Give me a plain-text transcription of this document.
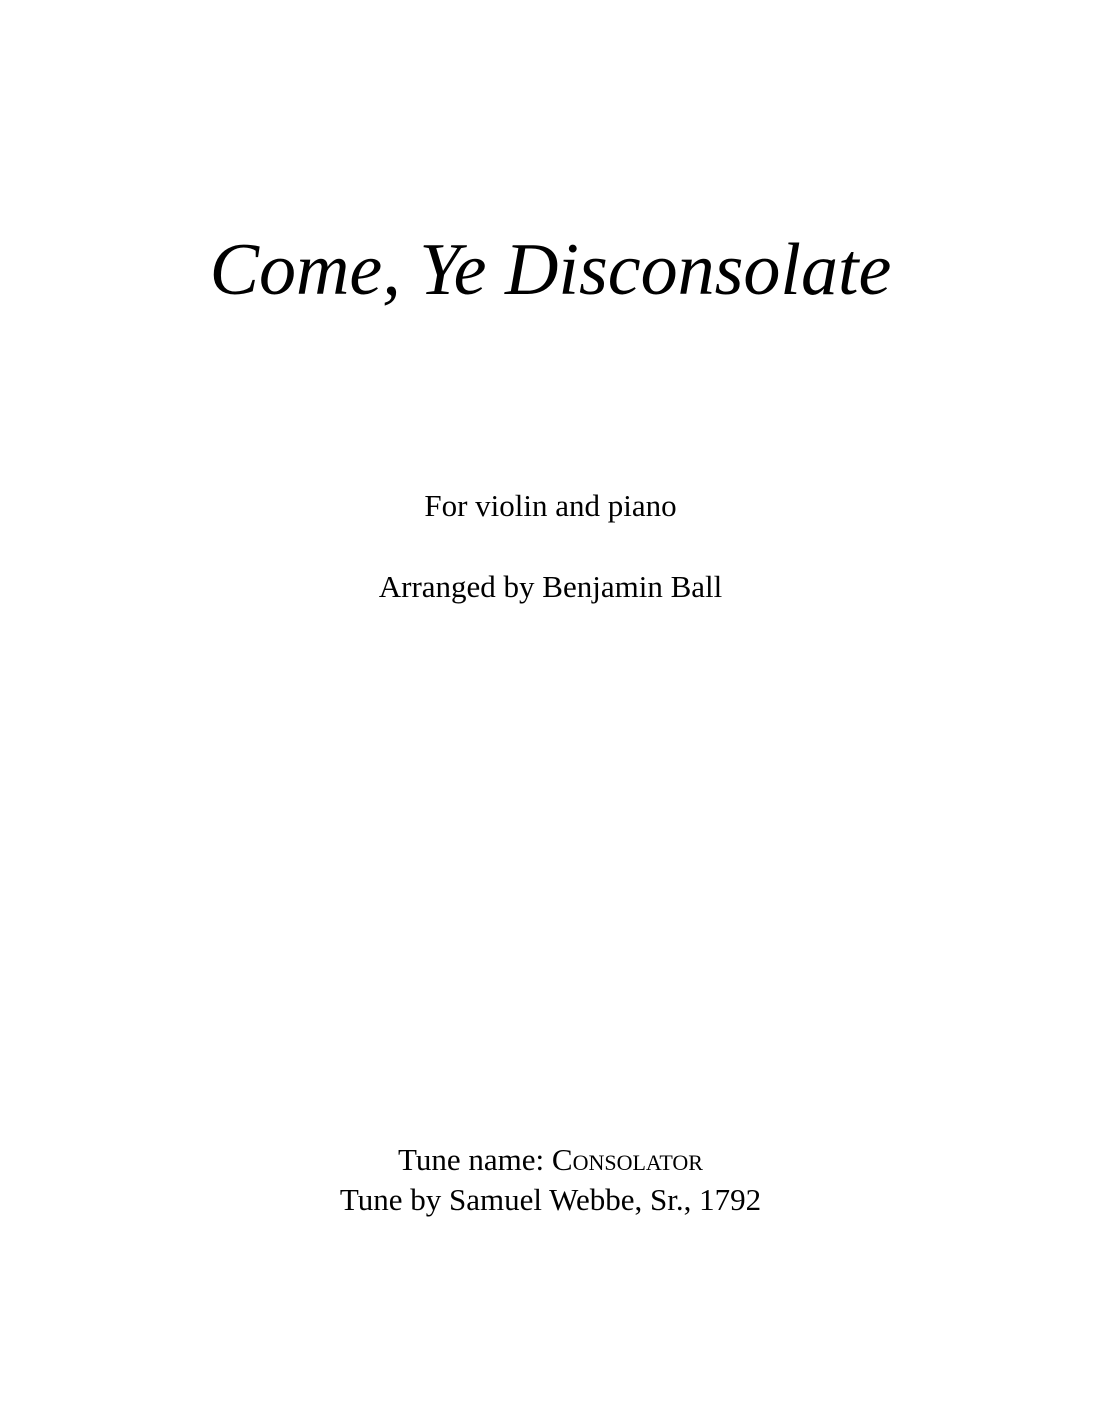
Come, Ye Disconsolate

For violin and piano

Arranged by Benjamin Ball

Tune name: Consolator

Tune by Samuel Webbe, Sr., 1792
